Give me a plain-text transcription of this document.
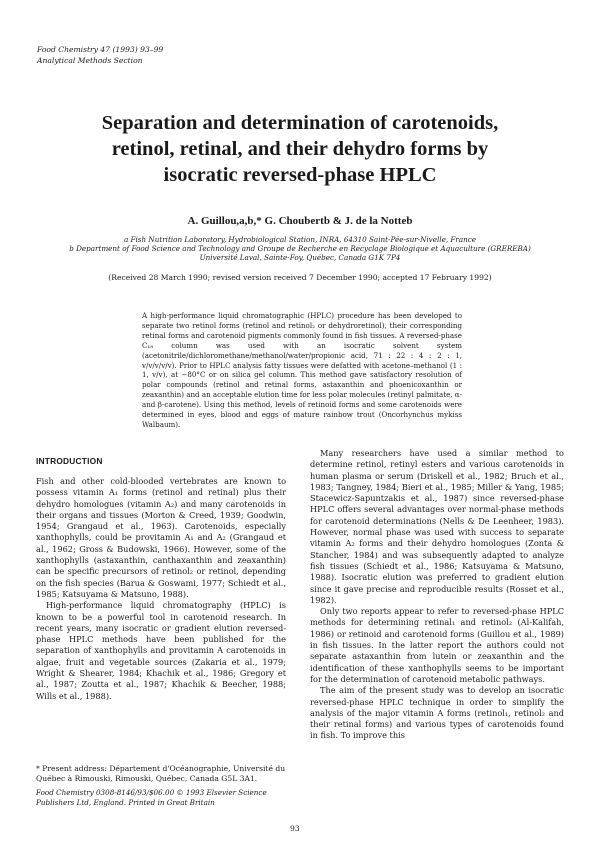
Food Chemistry 47 (1993) 93–99
Analytical Methods Section
Separation and determination of carotenoids,
retinol, retinal, and their dehydro forms by
isocratic reversed-phase HPLC
A. Guillou,a,b,* G. Choubertb & J. de la Notteb
a Fish Nutrition Laboratory, Hydrobiological Station, INRA, 64310 Saint-Pée-sur-Nivelle, France
b Department of Food Science and Technology and Groupe de Recherche en Recyclage Biologique et Aquaculture (GREREBA)
Université Laval, Sainte-Foy, Québec, Canada G1K 7P4
(Received 28 March 1990; revised version received 7 December 1990; accepted 17 February 1992)
A high-performance liquid chromatographic (HPLC) procedure has been developed to separate two retinol forms (retinol and retinol₂ or dehydroretinol), their corresponding retinal forms and carotenoid pigments commonly found in fish tissues. A reversed-phase C₁₈ column was used with an isocratic solvent system (acetonitrile/dichloromethane/methanol/water/propionic acid, 71 : 22 : 4 : 2 : 1, v/v/v/v/v). Prior to HPLC analysis fatty tissues were defatted with acetone–methanol (1 : 1, v/v), at −80°C or on silica gel column. This method gave satisfactory resolution of polar compounds (retinol and retinal forms, astaxanthin and phoenicoxanthin or zeaxanthin) and an acceptable elution time for less polar molecules (retinyl palmitate, α- and β-carotene). Using this method, levels of retinoid forms and some carotenoids were determined in eyes, blood and eggs of mature rainbow trout (Oncorhynchus mykiss Walbaum).
INTRODUCTION

Fish and other cold-blooded vertebrates are known to possess vitamin A₁ forms (retinol and retinal) plus their dehydro homologues (vitamin A₂) and many carotenoids in their organs and tissues (Morton & Creed, 1939; Goodwin, 1954; Grangaud et al., 1963). Carotenoids, especially xanthophylls, could be provitamin A₁ and A₂ (Grangaud et al., 1962; Gross & Budowski, 1966). However, some of the xanthophylls (astaxanthin, canthaxanthin and zeaxanthin) can be specific precursors of retinol₂ or retinol, depending on the fish species (Barua & Goswami, 1977; Schiedt et al., 1985; Katsuyama & Matsuno, 1988).

High-performance liquid chromatography (HPLC) is known to be a powerful tool in carotenoid research. In recent years, many isocratic or gradient elution reversed-phase HPLC methods have been published for the separation of xanthophylls and provitamin A carotenoids in algae, fruit and vegetable sources (Zakaria et al., 1979; Wright & Shearer, 1984; Khachik et al., 1986; Gregory et al., 1987; Zoutta et al., 1987; Khachik & Beecher, 1988; Wills et al., 1988).

* Present address: Département d'Océanographie, Université du Québec à Rimouski, Rimouski, Québec, Canada G5L 3A1.
Food Chemistry 0308-8146/93/$06.00 © 1993 Elsevier Science
Publishers Ltd, England. Printed in Great Britain

Many researchers have used a similar method to determine retinol, retinyl esters and various carotenoids in human plasma or serum (Driskell et al., 1982; Bruch et al., 1983; Tangney, 1984; Bieri et al., 1985; Miller & Yang, 1985; Stacewicz-Sapuntzakis et al., 1987) since reversed-phase HPLC offers several advantages over normal-phase methods for carotenoid determinations (Nells & De Leenheer, 1983). However, normal phase was used with success to separate vitamin A₂ forms and their dehydro homologues (Zonta & Stancher, 1984) and was subsequently adapted to analyze fish tissues (Schiedt et al., 1986; Katsuyama & Matsuno, 1988). Isocratic elution was preferred to gradient elution since it gave precise and reproducible results (Rosset et al., 1982).

Only two reports appear to refer to reversed-phase HPLC methods for determining retinal₁ and retinol₂ (Al-Kalifah, 1986) or retinoid and carotenoid forms (Guillou et al., 1989) in fish tissues. In the latter report the authors could not separate astaxanthin from lutein or zeaxanthin and the identification of these xanthophylls seems to be important for the determination of carotenoid metabolic pathways.

The aim of the present study was to develop an isocratic reversed-phase HPLC technique in order to simplify the analysis of the major vitamin A forms (retinol₁, retinol₂ and their retinal forms) and various types of carotenoids found in fish. To improve this

93
